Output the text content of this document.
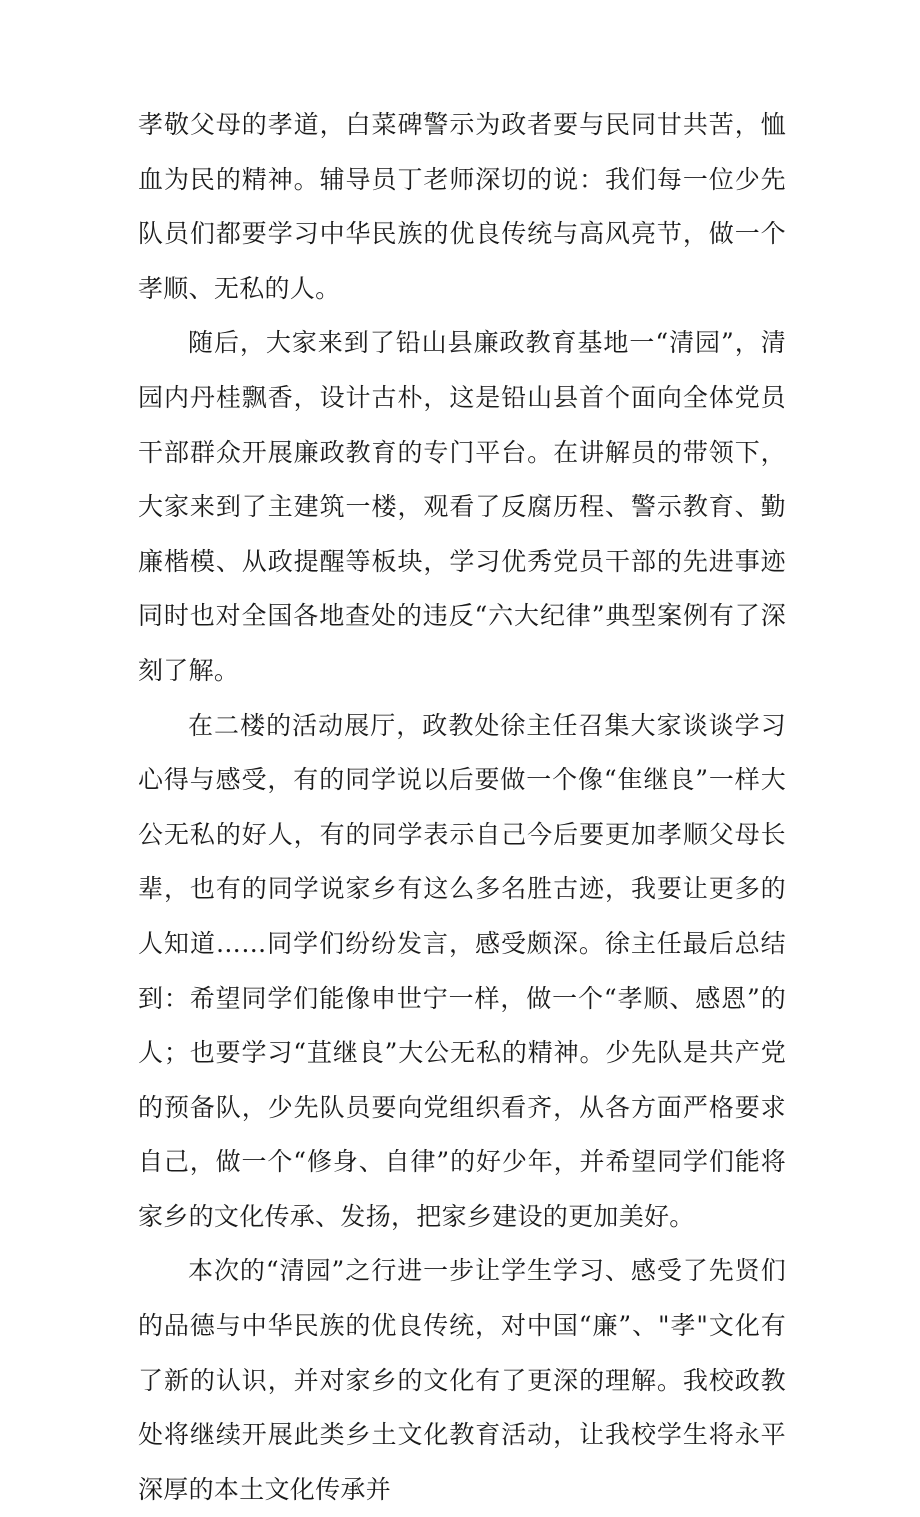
孝敬父母的孝道，白菜碑警示为政者要与民同甘共苦，恤血为民的精神。辅导员丁老师深切的说：我们每一位少先队员们都要学习中华民族的优良传统与高风亮节，做一个孝顺、无私的人。

随后，大家来到了铅山县廉政教育基地一“清园”，清园内丹桂飘香，设计古朴，这是铅山县首个面向全体党员干部群众开展廉政教育的专门平台。在讲解员的带领下，大家来到了主建筑一楼，观看了反腐历程、警示教育、勤廉楷模、从政提醒等板块，学习优秀党员干部的先进事迹同时也对全国各地查处的违反“六大纪律”典型案例有了深刻了解。

在二楼的活动展厅，政教处徐主任召集大家谈谈学习心得与感受，有的同学说以后要做一个像“隹继良”一样大公无私的好人，有的同学表示自己今后要更加孝顺父母长辈，也有的同学说家乡有这么多名胜古迹，我要让更多的人知道……同学们纷纷发言，感受颇深。徐主任最后总结到：希望同学们能像申世宁一样，做一个“孝顺、感恩”的人；也要学习“苴继良”大公无私的精神。少先队是共产党的预备队，少先队员要向党组织看齐，从各方面严格要求自己，做一个“修身、自律”的好少年，并希望同学们能将家乡的文化传承、发扬，把家乡建设的更加美好。

本次的“清园”之行进一步让学生学习、感受了先贤们的品德与中华民族的优良传统，对中国“廉”、"孝"文化有了新的认识，并对家乡的文化有了更深的理解。我校政教处将继续开展此类乡土文化教育活动，让我校学生将永平深厚的本土文化传承并
